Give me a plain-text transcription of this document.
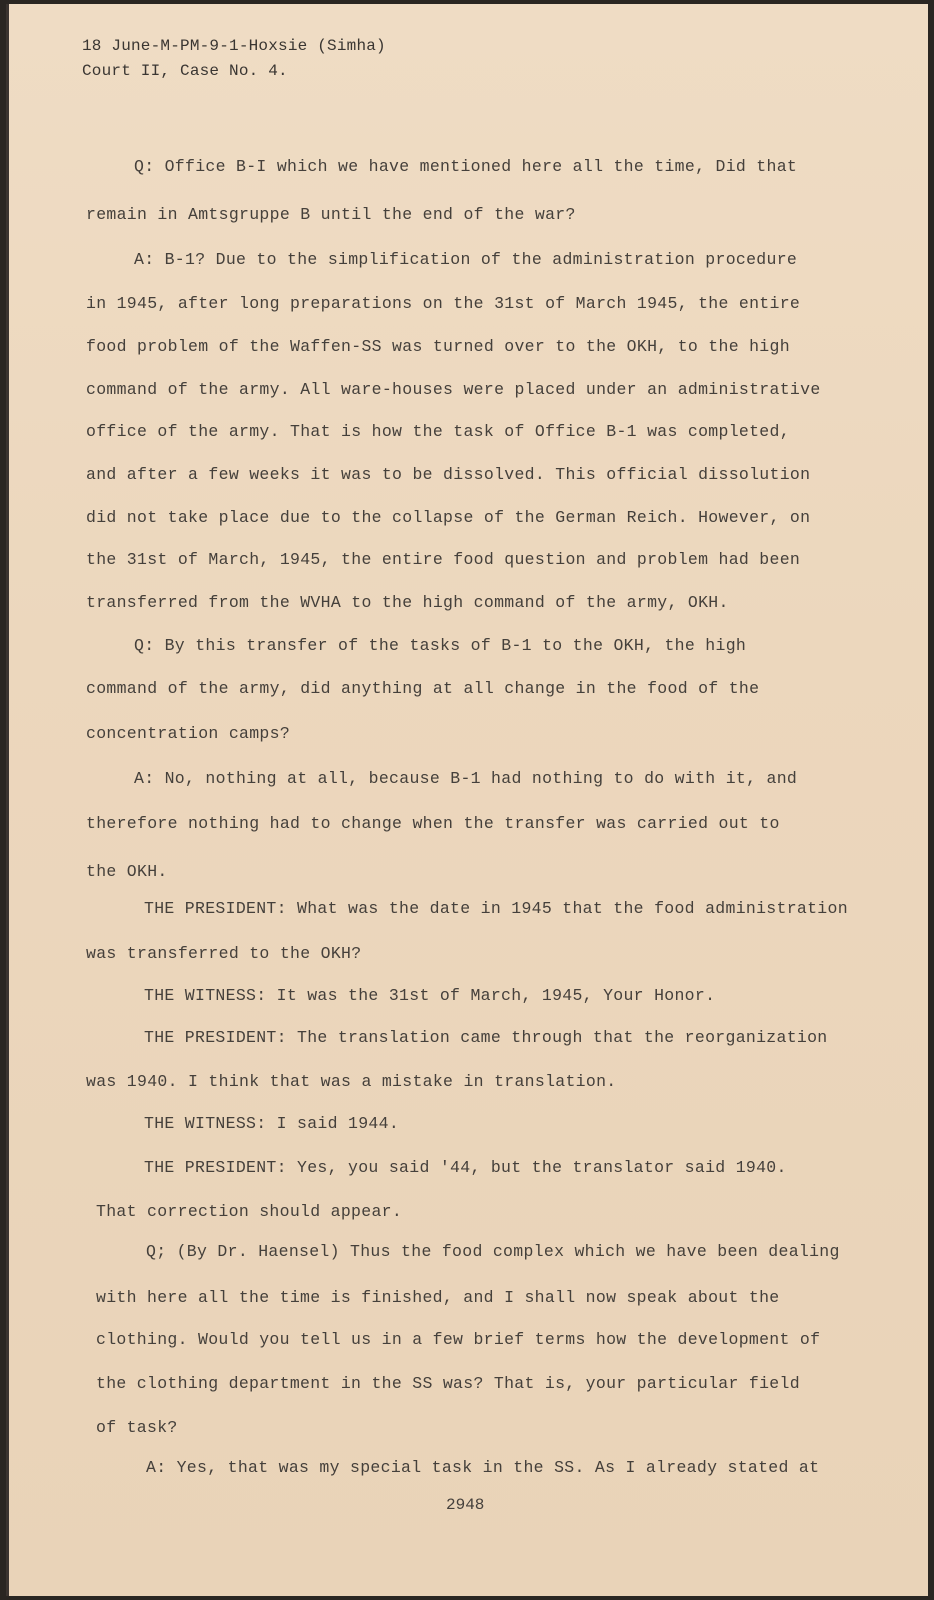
18 June-M-PM-9-1-Hoxsie (Simha)
Court II, Case No. 4.
Q: Office B-I which we have mentioned here all the time, Did that
remain in Amtsgruppe B until the end of the war?
A: B-1? Due to the simplification of the administration procedure
in 1945, after long preparations on the 31st of March 1945, the entire
food problem of the Waffen-SS was turned over to the OKH, to the high
command of the army. All ware-houses were placed under an administrative
office of the army. That is how the task of Office B-1 was completed,
and after a few weeks it was to be dissolved. This official dissolution
did not take place due to the collapse of the German Reich. However, on
the 31st of March, 1945, the entire food question and problem had been
transferred from the WVHA to the high command of the army, OKH.
Q: By this transfer of the tasks of B-1 to the OKH, the high
command of the army, did anything at all change in the food of the
concentration camps?
A: No, nothing at all, because B-1 had nothing to do with it, and
therefore nothing had to change when the transfer was carried out to
the OKH.
THE PRESIDENT: What was the date in 1945 that the food administration
was transferred to the OKH?
THE WITNESS: It was the 31st of March, 1945, Your Honor.
THE PRESIDENT: The translation came through that the reorganization
was 1940. I think that was a mistake in translation.
THE WITNESS: I said 1944.
THE PRESIDENT: Yes, you said '44, but the translator said 1940.
That correction should appear.
Q; (By Dr. Haensel) Thus the food complex which we have been dealing
with here all the time is finished, and I shall now speak about the
clothing. Would you tell us in a few brief terms how the development of
the clothing department in the SS was? That is, your particular field
of task?
A: Yes, that was my special task in the SS. As I already stated at
2948
